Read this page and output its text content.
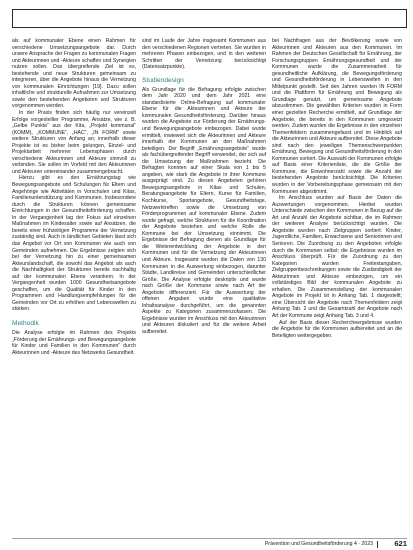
als auf kommunaler Ebene einen Rahmen für verschiedene Umsetzungsangebote dar. Durch unsere Ansprache der Fragen zu kommunalen Fragen und Akteurinnen und -Akteure schaffen und Synergien nutzen sollen. Das übergreifende Ziel ist es, bestehende und neue Strukturen gemeinsam zu integrieren, über die Angebote hinaus die Vernetzung von kommunalen Einrichtungen [19]. Dazu sollen inhaltliche und strukturelle Aufnahmen zur Umsetzung sowie den bestehenden Angeboten und Strukturen vorgenommen werden.

In der Praxis finden sich häufig nur vereinzelt Erfolge vorgestellter Programme, Ansätze, wie z. B. „Gelbe Punkte“ aus der Kita, „Projekt kommunal“ (KOMM), „KOMMUNE“, „HAC“, „IN FORM“ sowie weitere Strukturen von Anfang an; innerhalb dieser Projekte ist es bisher beim gelungen, Einzel- und Projektarbeit mehrerer Lebensphasen durch verschiedene Akteurinnen und Akteure sinnvoll zu verbinden. Sie sollen im Vorfeld mit den Akteurinnen und Akteuren untereinander zusammengebracht.

Hierzu gibt es den Ernährungstag wie Bewegungsangebote und Schulungen für Eltern und Angehörige wie Aktivitäten in Vorschulen und Kitas, Familienunterstützung und Kommunen. Insbesondere durch die Strukturen können gemeinsame Einrichtungen in der Gesundheitsförderung schaffen. In der Vergangenheit lag der Fokus auf einzelnen Maßnahmen im Kindesalter sowie auf Ansätzen, die bereits einer frühzeitigen Programme der Vernetzung zuständig sind. Auch in ländlichen Gebieten lässt sich das Angebot vor Ort von Kommunen wie auch von Gemeinden aufnehmen. Die Ergebnisse zeigten sich bei der Vernetzung hin zu einer gemeinsamen Akteurslandschaft, die sowohl das Angebot als auch die Nachhaltigkeit der Strukturen bereits nachhaltig auf der kommunalen Ebene verankern. In der Vergangenheit wurden 1000 Gesundheitsangebote geschaffen, um die Qualität für Kinder in den Programmen und Handlungsempfehlungen für die Gemeinden vor Ort zu erhöhen und Lebenswelten zu stärken.

Methodik

Die Analyse erfolgte im Rahmen des Projekts „Förderung der Ernährungs- und Bewegungsangebote für Kinder und Familien in den Kommunen“ durch Akteurinnen und -Akteure des Netzwerks Gesundheit.

sind im Laufe der Jahre insgesamt Kommunen aus den verschiedenen Regionen vertreten. Sie wurden in mehreren Phasen einbezogen, und in den weiteren Schritten der Vernetzung berücksichtigt (Datensatzpunkte).

Studiendesign

Als Grundlage für die Befragung erfolgte zwischen dem Jahr 2020 und dem Jahr 2021 eine standardisierte Online-Befragung auf kommunaler Ebene für die Akteurinnen und Akteure der kommunalen Gesundheitsförderung. Darüber hinaus wurden die Angebote zur Förderung der Ernährungs- und Bewegungsangebote einbezogen. Dabei wurde ermittelt, inwieweit sich die Akteurinnen und Akteure innerhalb der Kommunen an den Maßnahmen beteiligen. Der Begriff „Ernährungsangebote“ wurde als fachübergreifender Begriff verwendet, der sich auf die Umsetzung der Maßnahmen bezieht. Die Befragten konnten auf einer Skala von 1 bis 5 angeben, wie stark die Angebote in ihrer Kommune ausgeprägt sind. Zu diesen Angeboten gehören Bewegungsangebote in Kitas und Schulen, Beratungsangebote für Eltern, Kurse für Familien, Kochkurse, Sportangebote, Gesundheitstage, Netzwerktreffen sowie die Umsetzung von Förderprogrammen auf kommunaler Ebene. Zudem wurde gefragt, welche Strukturen für die Koordination der Angebote bestehen und welche Rolle die Kommune bei der Umsetzung einnimmt. Die Ergebnisse der Befragung dienen als Grundlage für die Weiterentwicklung der Angebote in den Kommunen und für die Vernetzung der Akteurinnen und Akteure. Insgesamt wurden die Daten von 130 Kommunen in die Auswertung einbezogen, darunter Städte, Landkreise und Gemeinden unterschiedlicher Größe. Die Analyse erfolgte deskriptiv und wurde nach Größe der Kommune sowie nach Art der Angebote differenziert. Für die Auswertung der offenen Angaben wurde eine qualitative Inhaltsanalyse durchgeführt, um die genannten Aspekte zu Kategorien zusammenzufassen. Die Ergebnisse wurden im Anschluss mit den Akteurinnen und Akteuren diskutiert und für die weitere Arbeit aufbereitet.

bei Nachfragen aus der Bevölkerung sowie von Akteurinnen und Akteuren aus den Kommunen. Im Rahmen der Deutschen Gesellschaft für Ernährung, der Forschungsgruppen Ernährungsgesundheit und der Kommunen wurde die Zusammenarbeit für gesundheitliche Aufklärung, die Bewegungsförderung und Gesundheitsförderung in Lebenswelten in den Mittelpunkt gestellt. Seit den Jahren wurden IN FORM und die Plattform für Ernährung und Bewegung als Grundlage genutzt, um gemeinsame Angebote abzustimmen. Die gewählten Kriterien wurden in Form einer gezielten Recherche ermittelt, auf Grundlage der Angebote, die bereits in den Kommunen umgesetzt werden. Zudem wurden die Ergebnisse in den einzelnen Themenfeldern zusammengefasst und im Hinblick auf die Akteurinnen und Akteure aufbereitet. Diese Angebote sind nach den jeweiligen Themenschwerpunkten Ernährung, Bewegung und Gesundheitsförderung in den Kommunen sortiert. Die Auswahl der Kommunen erfolgte auf Basis einer Kriterienliste, die die Größe der Kommune, die Einwohnerzahl sowie die Anzahl der bestehenden Angebote berücksichtigt. Die Kriterien wurden in der Vorbereitungsphase gemeinsam mit den Kommunen abgestimmt.

Im Anschluss wurden auf Basis der Daten die Auswertungen vorgenommen. Hierbei wurden Unterschiede zwischen den Kommunen in Bezug auf die Art und Anzahl der Angebote sichtbar, die im Rahmen der weiteren Analyse berücksichtigt wurden. Die Angebote wurden nach Zielgruppen sortiert: Kinder, Jugendliche, Familien, Erwachsene und Seniorinnen und Senioren. Die Zuordnung zu den Angeboten erfolgte durch die Kommunen selbst; die Ergebnisse wurden im Anschluss überprüft. Für die Zuordnung zu den Kategorien wurden Freitextangaben, Zielgruppenbeschreibungen sowie die Zuständigkeit der Akteurinnen und Akteure einbezogen, um ein vollständiges Bild der kommunalen Angebote zu erhalten. Die Zusammenstellung der kommunalen Angebote im Projekt ist in Anhang Tab. 1 dargestellt; eine Übersicht der Angebote nach Themenfeldern zeigt Anhang Tab. 2 und die Gesamtzahl der Angebote nach Art der Kommune zeigt Anhang Tab. 3 und 4.

Auf der Basis dieser Rechercheergebnisse wurden die Angebote für die Kommunen aufbereitet und an die Beteiligten weitergegeben.

Prävention und Gesundheitsförderung 4 · 2023	621
